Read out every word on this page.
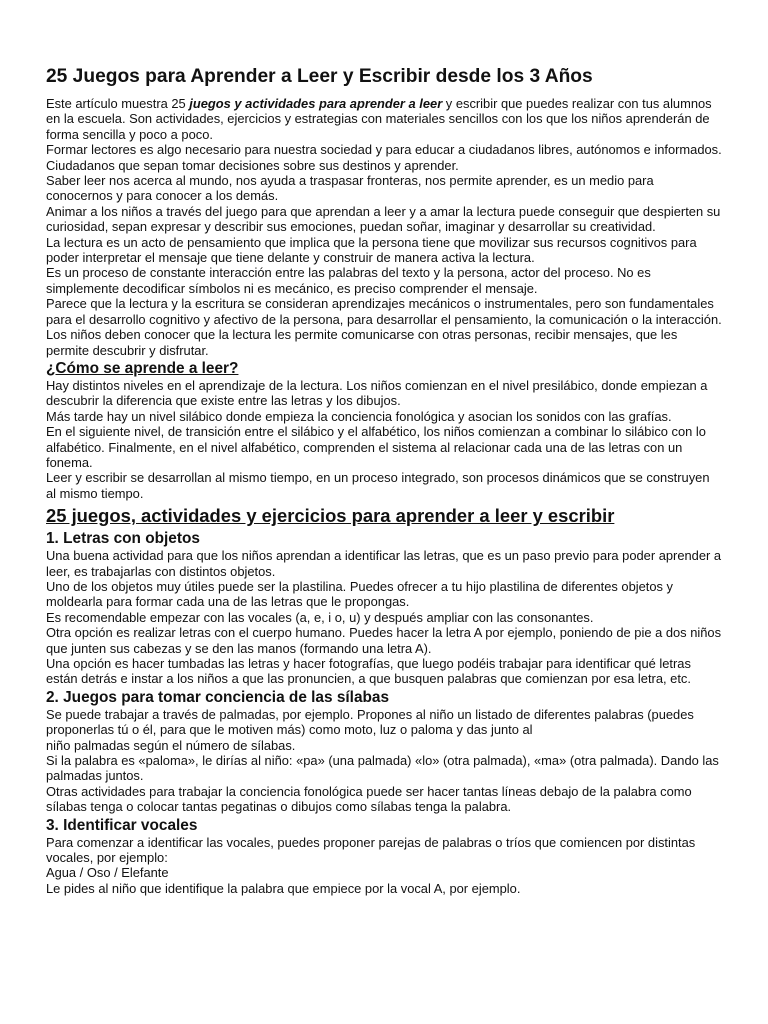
25 Juegos para Aprender a Leer y Escribir desde los 3 Años

Este artículo muestra 25 juegos y actividades para aprender a leer y escribir que puedes realizar con tus alumnos en la escuela. Son actividades, ejercicios y estrategias con materiales sencillos con los que los niños aprenderán de forma sencilla y poco a poco.

Formar lectores es algo necesario para nuestra sociedad y para educar a ciudadanos libres, autónomos e informados. Ciudadanos que sepan tomar decisiones sobre sus destinos y aprender.

Saber leer nos acerca al mundo, nos ayuda a traspasar fronteras, nos permite aprender, es un medio para conocernos y para conocer a los demás.

Animar a los niños a través del juego para que aprendan a leer y a amar la lectura puede conseguir que despierten su curiosidad, sepan expresar y describir sus emociones, puedan soñar, imaginar y desarrollar su creatividad.

La lectura es un acto de pensamiento que implica que la persona tiene que movilizar sus recursos cognitivos para poder interpretar el mensaje que tiene delante y construir de manera activa la lectura.

Es un proceso de constante interacción entre las palabras del texto y la persona, actor del proceso. No es simplemente decodificar símbolos ni es mecánico, es preciso comprender el mensaje.

Parece que la lectura y la escritura se consideran aprendizajes mecánicos o instrumentales, pero son fundamentales para el desarrollo cognitivo y afectivo de la persona, para desarrollar el pensamiento, la comunicación o la interacción.

Los niños deben conocer que la lectura les permite comunicarse con otras personas, recibir mensajes, que les permite descubrir y disfrutar.

¿Cómo se aprende a leer?

Hay distintos niveles en el aprendizaje de la lectura. Los niños comienzan en el nivel presilábico, donde empiezan a descubrir la diferencia que existe entre las letras y los dibujos.

Más tarde hay un nivel silábico donde empieza la conciencia fonológica y asocian los sonidos con las grafías.

En el siguiente nivel, de transición entre el silábico y el alfabético, los niños comienzan a combinar lo silábico con lo alfabético. Finalmente, en el nivel alfabético, comprenden el sistema al relacionar cada una de las letras con un fonema.

Leer y escribir se desarrollan al mismo tiempo, en un proceso integrado, son procesos dinámicos que se construyen al mismo tiempo.

25 juegos, actividades y ejercicios para aprender a leer y escribir
1. Letras con objetos

Una buena actividad para que los niños aprendan a identificar las letras, que es un paso previo para poder aprender a leer, es trabajarlas con distintos objetos.

Uno de los objetos muy útiles puede ser la plastilina. Puedes ofrecer a tu hijo plastilina de diferentes objetos y moldearla para formar cada una de las letras que le propongas.

Es recomendable empezar con las vocales (a, e, i o, u) y después ampliar con las consonantes.

Otra opción es realizar letras con el cuerpo humano. Puedes hacer la letra A por ejemplo, poniendo de pie a dos niños que junten sus cabezas y se den las manos (formando una letra A).

Una opción es hacer tumbadas las letras y hacer fotografías, que luego podéis trabajar para identificar qué letras están detrás e instar a los niños a que las pronuncien, a que busquen palabras que comienzan por esa letra, etc.

2. Juegos para tomar conciencia de las sílabas

Se puede trabajar a través de palmadas, por ejemplo. Propones al niño un listado de diferentes palabras (puedes proponerlas tú o él, para que le motiven más) como moto, luz o paloma y das junto al
niño palmadas según el número de sílabas.

Si la palabra es «paloma», le dirías al niño: «pa» (una palmada) «lo» (otra palmada), «ma» (otra palmada). Dando las palmadas juntos.

Otras actividades para trabajar la conciencia fonológica puede ser hacer tantas líneas debajo de la palabra como sílabas tenga o colocar tantas pegatinas o dibujos como sílabas tenga la palabra.

3. Identificar vocales

Para comenzar a identificar las vocales, puedes proponer parejas de palabras o tríos que comiencen por distintas vocales, por ejemplo:

Agua / Oso / Elefante

Le pides al niño que identifique la palabra que empiece por la vocal A, por ejemplo.
